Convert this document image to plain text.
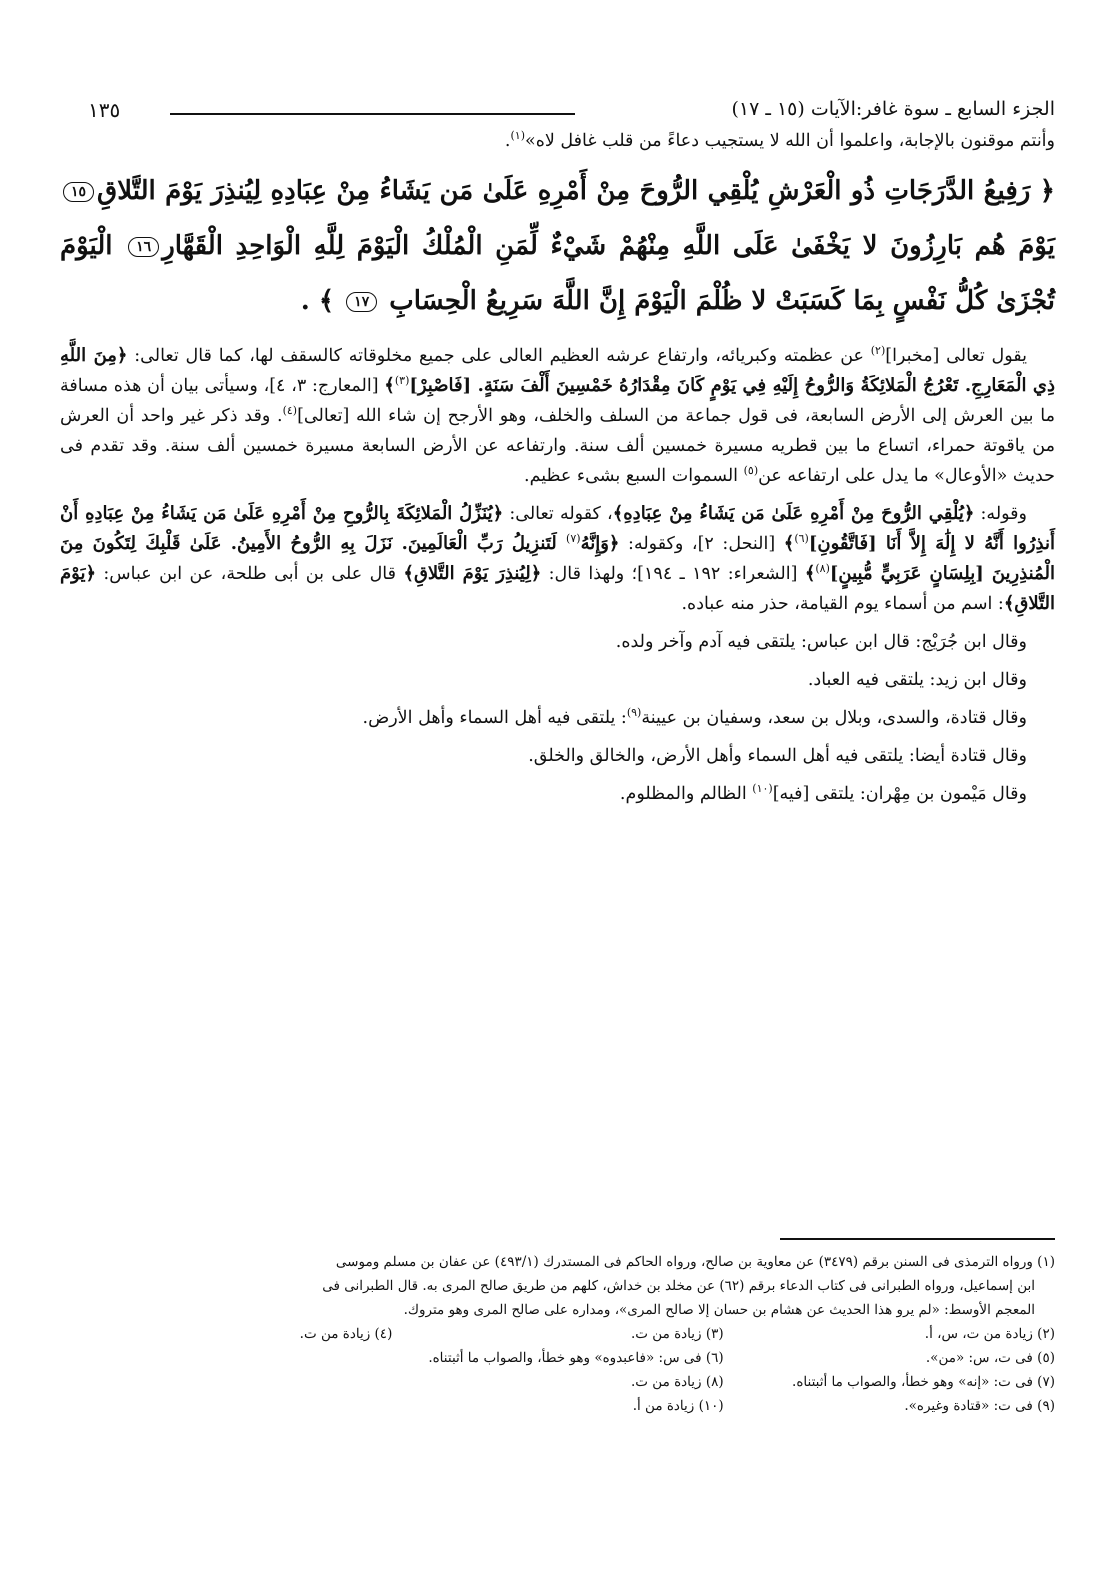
الجزء السابع ـ سوة غافر:الآيات (١٥ ـ ١٧)
١٣٥

وأنتم موقنون بالإجابة، واعلموا أن الله لا يستجيب دعاءً من قلب غافل لاه»$^{(١)}$.

﴿ رَفِيعُ الدَّرَجَاتِ ذُو الْعَرْشِ يُلْقِي الرُّوحَ مِنْ أَمْرِهِ عَلَىٰ مَن يَشَاءُ مِنْ عِبَادِهِ لِيُنذِرَ يَوْمَ التَّلاقِ١٥ يَوْمَ هُم بَارِزُونَ لا يَخْفَىٰ عَلَى اللَّهِ مِنْهُمْ شَيْءٌ لِّمَنِ الْمُلْكُ الْيَوْمَ لِلَّهِ الْوَاحِدِ الْقَهَّارِ١٦ الْيَوْمَ تُجْزَىٰ كُلُّ نَفْسٍ بِمَا كَسَبَتْ لا ظُلْمَ الْيَوْمَ إِنَّ اللَّهَ سَرِيعُ الْحِسَابِ ١٧ ﴾ .

يقول تعالى [مخبرا]$^{(٢)}$ عن عظمته وكبريائه، وارتفاع عرشه العظيم العالى على جميع مخلوقاته كالسقف لها، كما قال تعالى: ﴿مِنَ اللَّهِ ذِي الْمَعَارِجِ. تَعْرُجُ الْمَلائِكَةُ وَالرُّوحُ إِلَيْهِ فِي يَوْمٍ كَانَ مِقْدَارُهُ خَمْسِينَ أَلْفَ سَنَةٍ. [فَاصْبِرْ]$^{(٣)}$﴾ [المعارج: ٣، ٤]، وسيأتى بيان أن هذه مسافة ما بين العرش إلى الأرض السابعة، فى قول جماعة من السلف والخلف، وهو الأرجح إن شاء الله [تعالى]$^{(٤)}$. وقد ذكر غير واحد أن العرش من ياقوتة حمراء، اتساع ما بين قطريه مسيرة خمسين ألف سنة. وارتفاعه عن الأرض السابعة مسيرة خمسين ألف سنة. وقد تقدم فى حديث «الأوعال» ما يدل على ارتفاعه عن$^{(٥)}$ السموات السبع بشىء عظيم.

وقوله: ﴿يُلْقِي الرُّوحَ مِنْ أَمْرِهِ عَلَىٰ مَن يَشَاءُ مِنْ عِبَادِهِ﴾، كقوله تعالى: ﴿يُنَزِّلُ الْمَلائِكَةَ بِالرُّوحِ مِنْ أَمْرِهِ عَلَىٰ مَن يَشَاءُ مِنْ عِبَادِهِ أَنْ أَنذِرُوا أَنَّهُ لا إِلَٰهَ إِلاَّ أَنَا [فَاتَّقُونِ]$^{(٦)}$﴾ [النحل: ٢]، وكقوله: ﴿وَإِنَّهُ$^{(٧)}$ لَتَنزِيلُ رَبِّ الْعَالَمِينَ. نَزَلَ بِهِ الرُّوحُ الأَمِينُ. عَلَىٰ قَلْبِكَ لِتَكُونَ مِنَ الْمُنذِرِينَ [بِلِسَانٍ عَرَبِيٍّ مُّبِينٍ]$^{(٨)}$﴾ [الشعراء: ١٩٢ ـ ١٩٤]؛ ولهذا قال: ﴿لِيُنذِرَ يَوْمَ التَّلاقِ﴾ قال على بن أبى طلحة، عن ابن عباس: ﴿يَوْمَ التَّلاقِ﴾: اسم من أسماء يوم القيامة، حذر منه عباده.

وقال ابن جُرَيْج: قال ابن عباس: يلتقى فيه آدم وآخر ولده.

وقال ابن زيد: يلتقى فيه العباد.

وقال قتادة، والسدى، وبلال بن سعد، وسفيان بن عيينة$^{(٩)}$: يلتقى فيه أهل السماء وأهل الأرض.

وقال قتادة أيضا: يلتقى فيه أهل السماء وأهل الأرض، والخالق والخلق.

وقال مَيْمون بن مِهْران: يلتقى [فيه]$^{(١٠)}$ الظالم والمظلوم.

(١) ورواه الترمذى فى السنن برقم (٣٤٧٩) عن معاوية بن صالح، ورواه الحاكم فى المستدرك (٤٩٣/١) عن عفان بن مسلم وموسى
ابن إسماعيل، ورواه الطبرانى فى كتاب الدعاء برقم (٦٢) عن مخلد بن خداش، كلهم من طريق صالح المرى به. قال الطبرانى فى
المعجم الأوسط: «لم يرو هذا الحديث عن هشام بن حسان إلا صالح المرى»، ومداره على صالح المرى وهو متروك.
(٢) زيادة من ت، س، أ.
(٣) زيادة من ت.
(٤) زيادة من ت.
(٥) فى ت، س: «من».
(٦) فى س: «فاعبدوه» وهو خطأ، والصواب ما أثبتناه.
(٧) فى ت: «إنه» وهو خطأ، والصواب ما أثبتناه.
(٨) زيادة من ت.
(٩) فى ت: «قتادة وغيره».
(١٠) زيادة من أ.
